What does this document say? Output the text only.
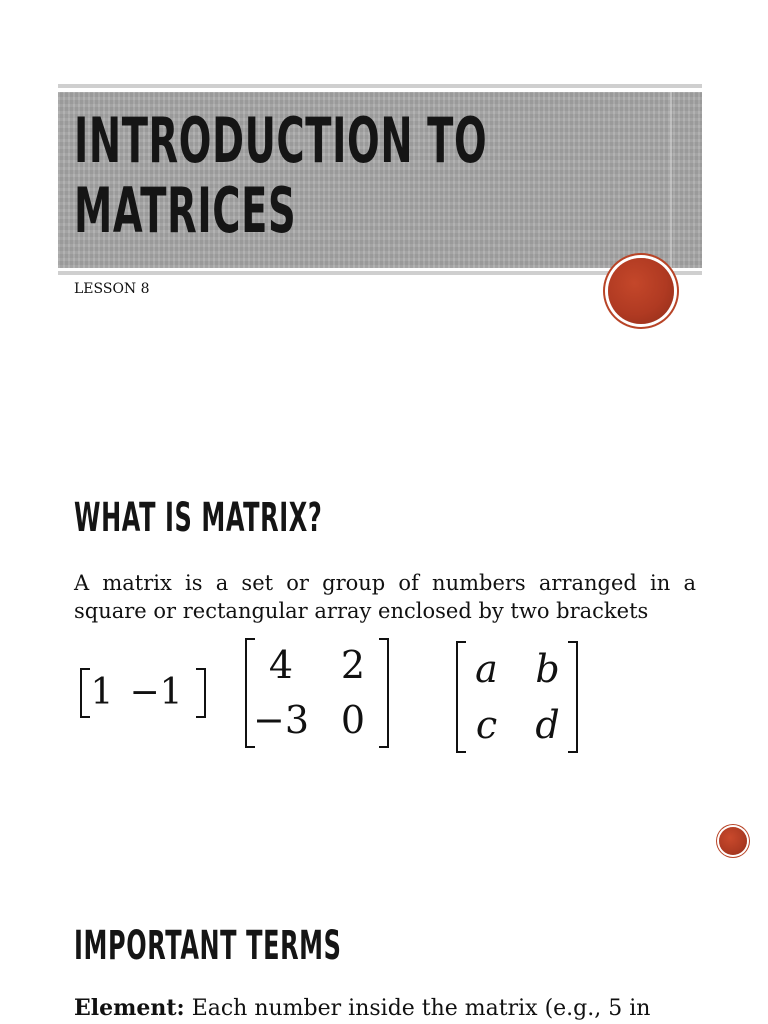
INTRODUCTION TO
MATRICES

LESSON 8

WHAT IS MATRIX?

A matrix is a set or group of numbers arranged in a square or rectangular array enclosed by two brackets

1 −1
4	2
−3 0
a b
c	d
IMPORTANT TERMS

Element: Each number inside the matrix (e.g., 5 in
